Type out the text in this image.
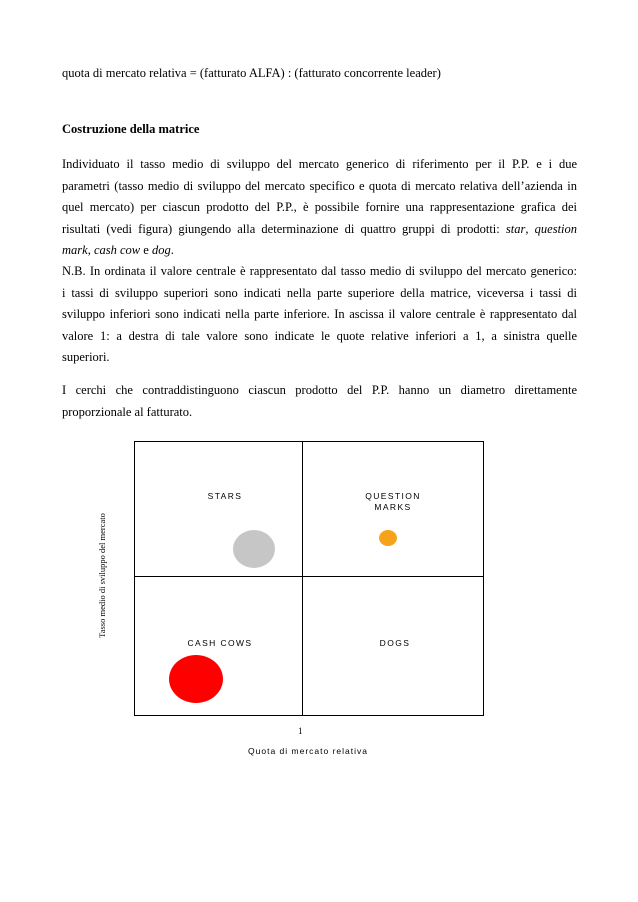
quota di mercato relativa = (fatturato ALFA) : (fatturato concorrente leader)
Costruzione della matrice
Individuato il tasso medio di sviluppo del mercato generico di riferimento per il P.P. e i due
parametri (tasso medio di sviluppo del mercato specifico e quota di mercato relativa dell’azienda in
quel mercato) per ciascun prodotto del P.P., è possibile fornire una rappresentazione grafica dei
risultati (vedi figura) giungendo alla determinazione di quattro gruppi di prodotti: star, question
mark, cash cow e dog.
N.B. In ordinata il valore centrale è rappresentato dal tasso medio di sviluppo del mercato generico:
i tassi di sviluppo superiori sono indicati nella parte superiore della matrice, viceversa i tassi di
sviluppo inferiori sono indicati nella parte inferiore. In ascissa il valore centrale è rappresentato dal
valore 1: a destra di tale valore sono indicate le quote relative inferiori a 1, a sinistra quelle
superiori.
I cerchi che contraddistinguono ciascun prodotto del P.P. hanno un diametro direttamente
proporzionale al fatturato.
Tasso medio di sviluppo del mercato
STARS	QUESTION
MARKS
CASH COWS	DOGS
1
Quota di mercato relativa
